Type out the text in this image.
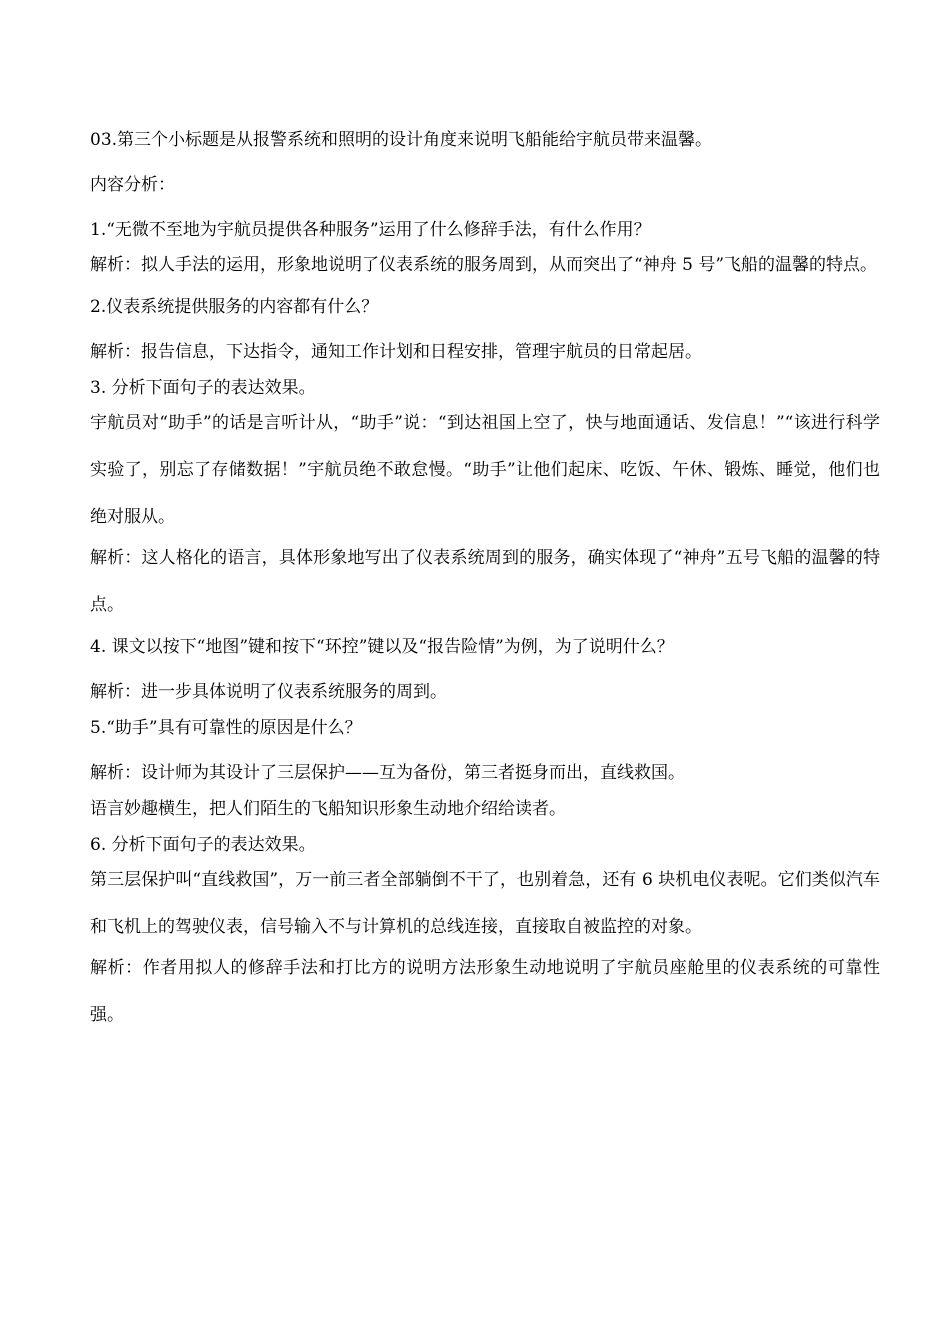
03.第三个小标题是从报警系统和照明的设计角度来说明飞船能给宇航员带来温馨。

内容分析：

1.“无微不至地为宇航员提供各种服务”运用了什么修辞手法，有什么作用？

解析：拟人手法的运用，形象地说明了仪表系统的服务周到，从而突出了“神舟 5 号”飞船的温馨的特点。

2.仪表系统提供服务的内容都有什么？

解析：报告信息，下达指令，通知工作计划和日程安排，管理宇航员的日常起居。

3. 分析下面句子的表达效果。

宇航员对“助手”的话是言听计从，“助手”说：“到达祖国上空了，快与地面通话、发信息！”“该进行科学实验了，别忘了存储数据！”宇航员绝不敢怠慢。“助手”让他们起床、吃饭、午休、锻炼、睡觉，他们也绝对服从。

解析：这人格化的语言，具体形象地写出了仪表系统周到的服务，确实体现了“神舟”五号飞船的温馨的特点。

4. 课文以按下“地图”键和按下“环控”键以及“报告险情”为例，为了说明什么？

解析：进一步具体说明了仪表系统服务的周到。

5.“助手”具有可靠性的原因是什么？

解析：设计师为其设计了三层保护——互为备份，第三者挺身而出，直线救国。

语言妙趣横生，把人们陌生的飞船知识形象生动地介绍给读者。

6. 分析下面句子的表达效果。

第三层保护叫“直线救国”，万一前三者全部躺倒不干了，也别着急，还有 6 块机电仪表呢。它们类似汽车和飞机上的驾驶仪表，信号输入不与计算机的总线连接，直接取自被监控的对象。

解析：作者用拟人的修辞手法和打比方的说明方法形象生动地说明了宇航员座舱里的仪表系统的可靠性强。
